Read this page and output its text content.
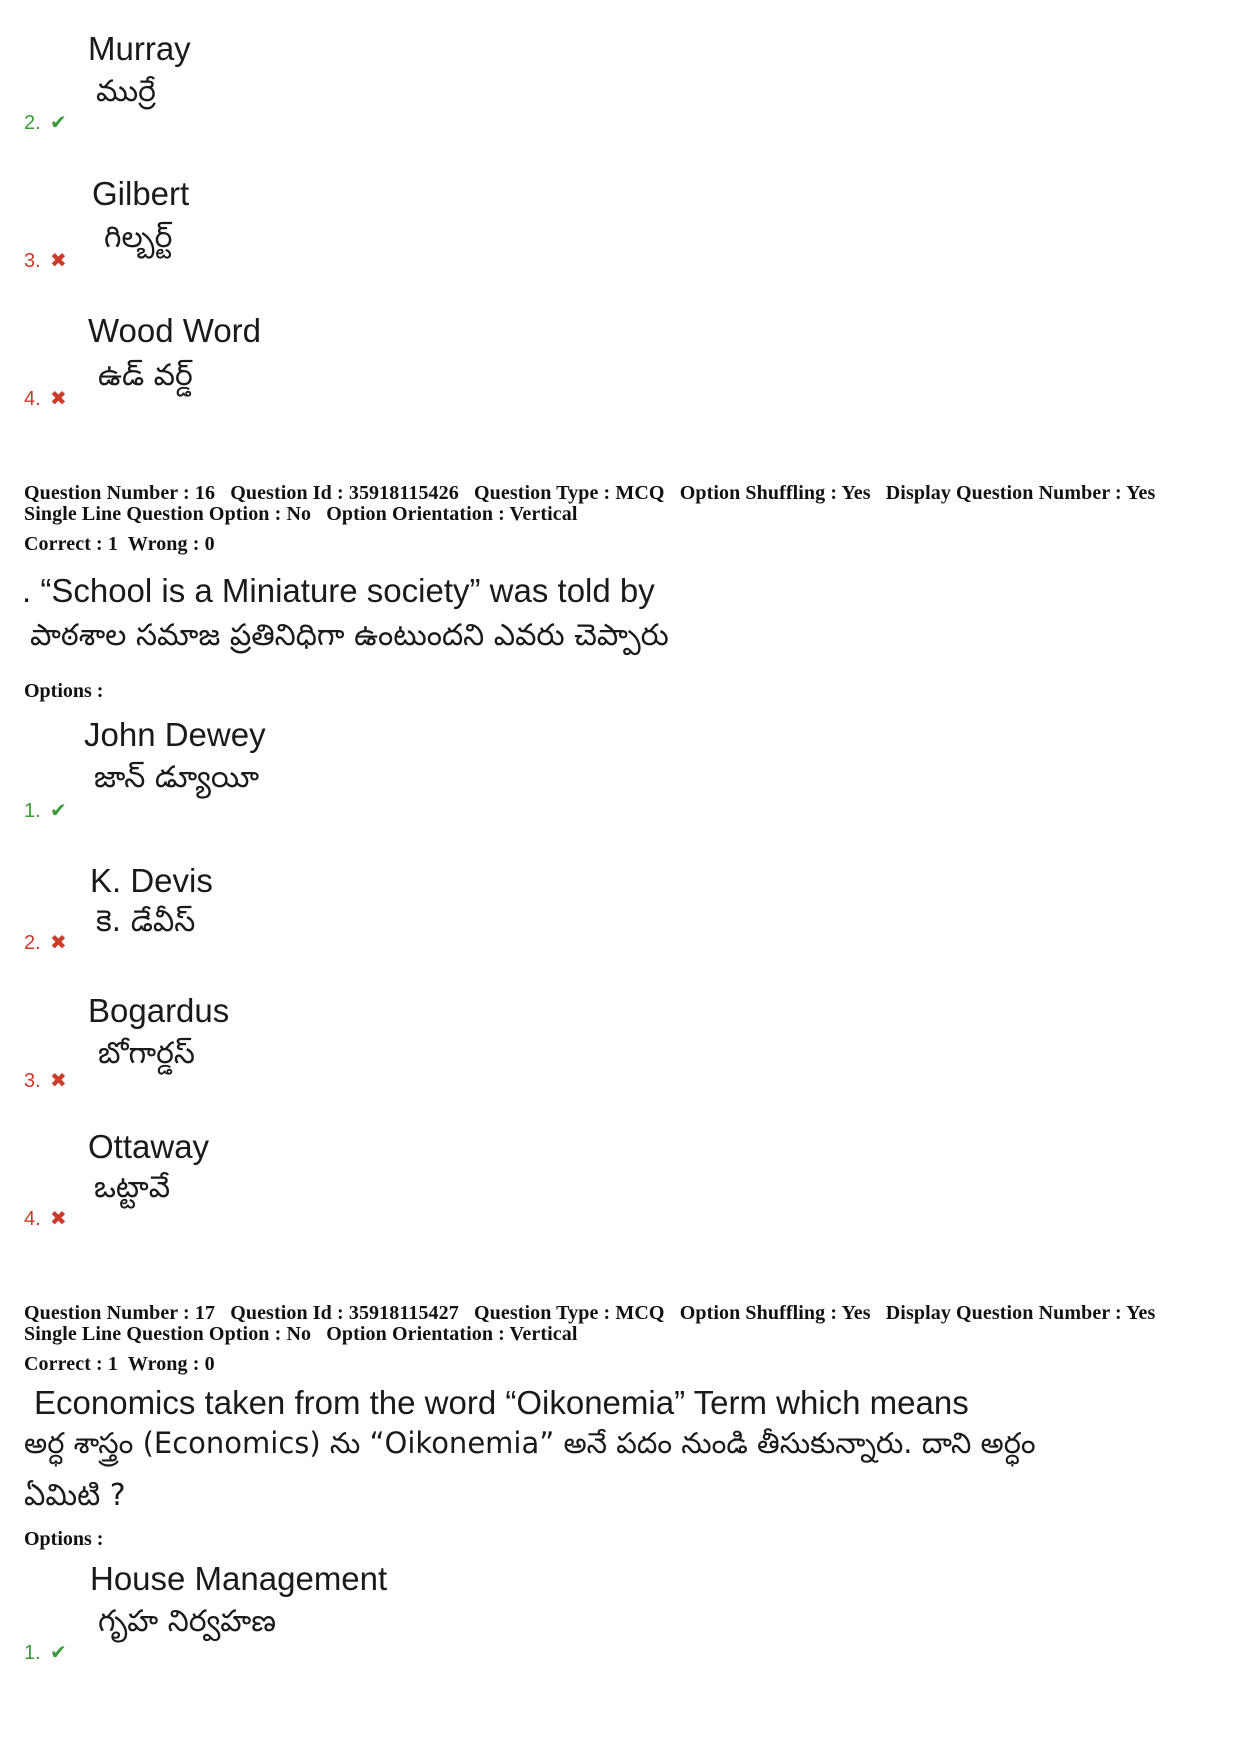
Murray
ముర్రే
2. ✔
Gilbert
గిల్బర్ట్
3. ✖
Wood Word
ఉడ్ వర్డ్
4. ✖
Question Number : 16 Question Id : 35918115426 Question Type : MCQ Option Shuffling : Yes Display Question Number : Yes
Single Line Question Option : No Option Orientation : Vertical
Correct : 1  Wrong : 0
. “School is a Miniature society” was told by
పాఠశాల సమాజ ప్రతినిధిగా ఉంటుందని ఎవరు చెప్పారు
Options :
John Dewey
జాన్ డ్యూయీ
1. ✔
K. Devis
కె. డేవీస్
2. ✖
Bogardus
బోగార్డస్
3. ✖
Ottaway
ఒట్టావే
4. ✖
Question Number : 17 Question Id : 35918115427 Question Type : MCQ Option Shuffling : Yes Display Question Number : Yes
Single Line Question Option : No Option Orientation : Vertical
Correct : 1  Wrong : 0
Economics taken from the word “Oikonemia” Term which means
అర్ధ శాస్త్రం (Economics) ను “Oikonemia” అనే పదం నుండి తీసుకున్నారు. దాని అర్ధం
ఏమిటి ?
Options :
House Management
గృహ నిర్వహణ
1. ✔
